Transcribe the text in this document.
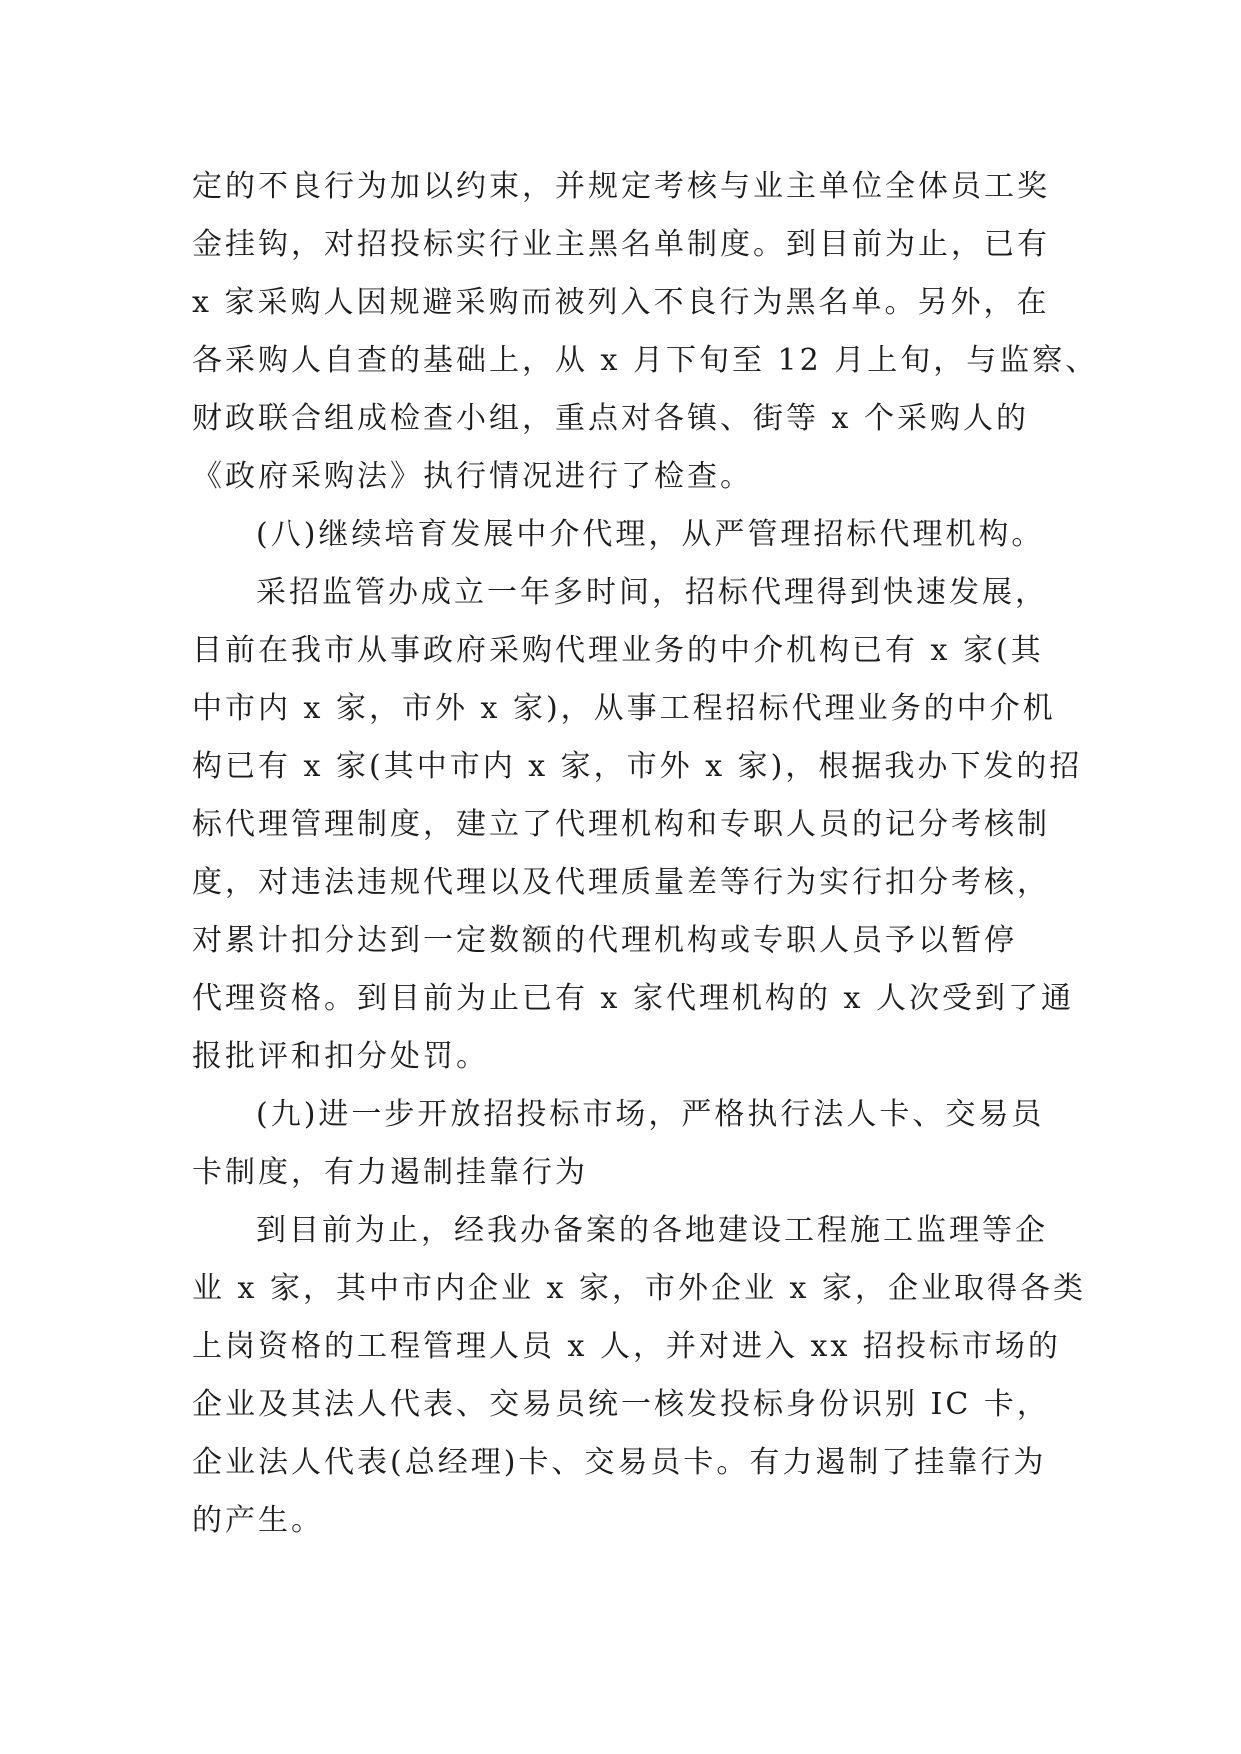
定的不良行为加以约束，并规定考核与业主单位全体员工奖
金挂钩，对招投标实行业主黑名单制度。到目前为止，已有
x 家采购人因规避采购而被列入不良行为黑名单。另外，在
各采购人自查的基础上，从 x 月下旬至 12 月上旬，与监察、
财政联合组成检查小组，重点对各镇、街等 x 个采购人的
《政府采购法》执行情况进行了检查。
(八)继续培育发展中介代理，从严管理招标代理机构。
采招监管办成立一年多时间，招标代理得到快速发展，
目前在我市从事政府采购代理业务的中介机构已有 x 家(其
中市内 x 家，市外 x 家)，从事工程招标代理业务的中介机
构已有 x 家(其中市内 x 家，市外 x 家)，根据我办下发的招
标代理管理制度，建立了代理机构和专职人员的记分考核制
度，对违法违规代理以及代理质量差等行为实行扣分考核，
对累计扣分达到一定数额的代理机构或专职人员予以暂停
代理资格。到目前为止已有 x 家代理机构的 x 人次受到了通
报批评和扣分处罚。
(九)进一步开放招投标市场，严格执行法人卡、交易员
卡制度，有力遏制挂靠行为
到目前为止，经我办备案的各地建设工程施工监理等企
业 x 家，其中市内企业 x 家，市外企业 x 家，企业取得各类
上岗资格的工程管理人员 x 人，并对进入 xx 招投标市场的
企业及其法人代表、交易员统一核发投标身份识别 IC 卡，
企业法人代表(总经理)卡、交易员卡。有力遏制了挂靠行为
的产生。
